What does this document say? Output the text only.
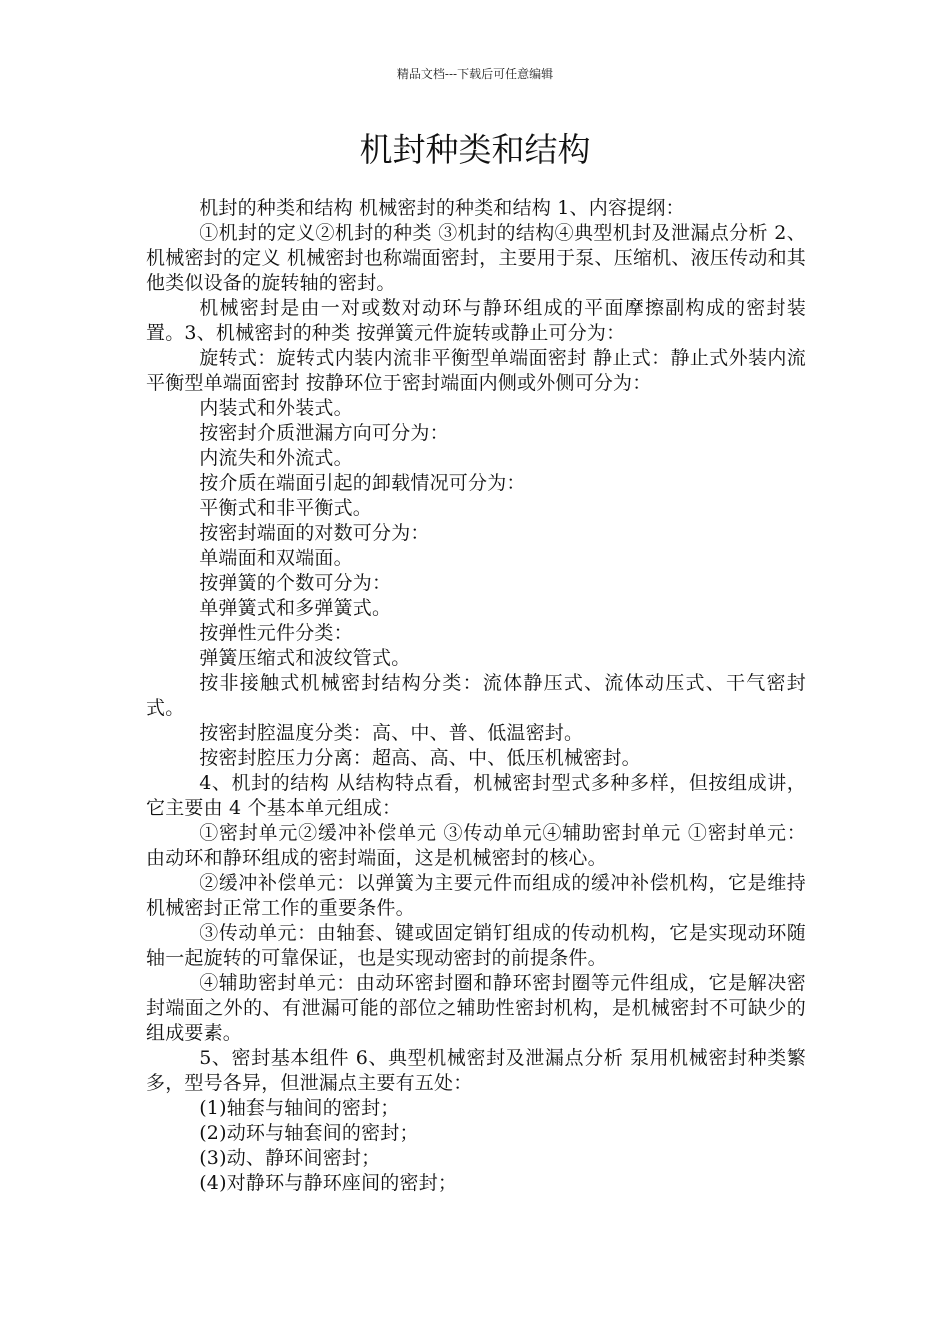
精品文档---下载后可任意编辑
机封种类和结构

机封的种类和结构 机械密封的种类和结构 1、内容提纲：

①机封的定义②机封的种类 ③机封的结构④典型机封及泄漏点分析 2、机械密封的定义 机械密封也称端面密封，主要用于泵、压缩机、液压传动和其他类似设备的旋转轴的密封。

机械密封是由一对或数对动环与静环组成的平面摩擦副构成的密封装置。3、机械密封的种类 按弹簧元件旋转或静止可分为：

旋转式：旋转式内装内流非平衡型单端面密封 静止式：静止式外装内流平衡型单端面密封 按静环位于密封端面内侧或外侧可分为：

内装式和外装式。

按密封介质泄漏方向可分为：

内流失和外流式。

按介质在端面引起的卸载情况可分为：

平衡式和非平衡式。

按密封端面的对数可分为：

单端面和双端面。

按弹簧的个数可分为：

单弹簧式和多弹簧式。

按弹性元件分类：

弹簧压缩式和波纹管式。

按非接触式机械密封结构分类：流体静压式、流体动压式、干气密封式。

按密封腔温度分类：高、中、普、低温密封。

按密封腔压力分离：超高、高、中、低压机械密封。

4、机封的结构 从结构特点看，机械密封型式多种多样，但按组成讲，它主要由 4 个基本单元组成：

①密封单元②缓冲补偿单元 ③传动单元④辅助密封单元 ①密封单元：由动环和静环组成的密封端面，这是机械密封的核心。

②缓冲补偿单元：以弹簧为主要元件而组成的缓冲补偿机构，它是维持机械密封正常工作的重要条件。

③传动单元：由轴套、键或固定销钉组成的传动机构，它是实现动环随轴一起旋转的可靠保证，也是实现动密封的前提条件。

④辅助密封单元：由动环密封圈和静环密封圈等元件组成，它是解决密封端面之外的、有泄漏可能的部位之辅助性密封机构，是机械密封不可缺少的组成要素。

5、密封基本组件 6、典型机械密封及泄漏点分析 泵用机械密封种类繁多，型号各异，但泄漏点主要有五处：

(1)轴套与轴间的密封；

(2)动环与轴套间的密封；

(3)动、静环间密封；

(4)对静环与静环座间的密封；
